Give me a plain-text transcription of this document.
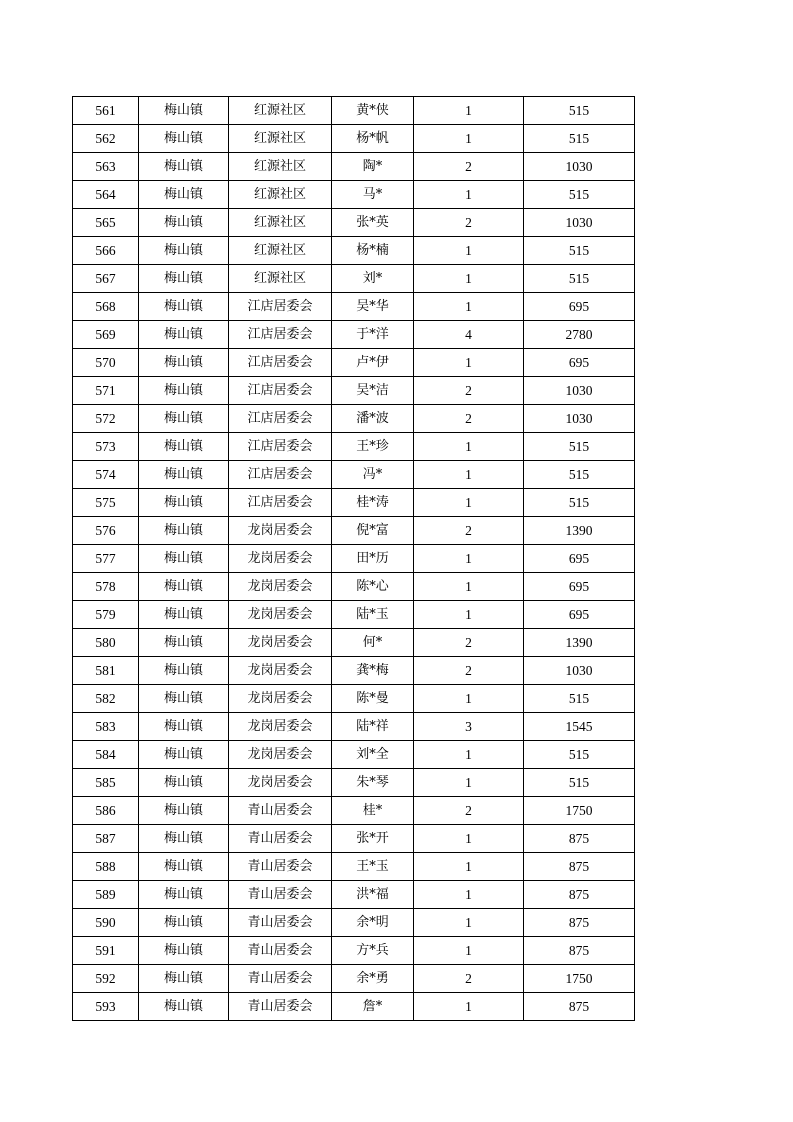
561	梅山镇	红源社区	黄*侠	1	515
562	梅山镇	红源社区	杨*帆	1	515
563	梅山镇	红源社区	陶*	2	1030
564	梅山镇	红源社区	马*	1	515
565	梅山镇	红源社区	张*英	2	1030
566	梅山镇	红源社区	杨*楠	1	515
567	梅山镇	红源社区	刘*	1	515
568	梅山镇	江店居委会	吴*华	1	695
569	梅山镇	江店居委会	于*洋	4	2780
570	梅山镇	江店居委会	卢*伊	1	695
571	梅山镇	江店居委会	吴*洁	2	1030
572	梅山镇	江店居委会	潘*波	2	1030
573	梅山镇	江店居委会	王*珍	1	515
574	梅山镇	江店居委会	冯*	1	515
575	梅山镇	江店居委会	桂*涛	1	515
576	梅山镇	龙岗居委会	倪*富	2	1390
577	梅山镇	龙岗居委会	田*历	1	695
578	梅山镇	龙岗居委会	陈*心	1	695
579	梅山镇	龙岗居委会	陆*玉	1	695
580	梅山镇	龙岗居委会	何*	2	1390
581	梅山镇	龙岗居委会	龚*梅	2	1030
582	梅山镇	龙岗居委会	陈*曼	1	515
583	梅山镇	龙岗居委会	陆*祥	3	1545
584	梅山镇	龙岗居委会	刘*全	1	515
585	梅山镇	龙岗居委会	朱*琴	1	515
586	梅山镇	青山居委会	桂*	2	1750
587	梅山镇	青山居委会	张*开	1	875
588	梅山镇	青山居委会	王*玉	1	875
589	梅山镇	青山居委会	洪*福	1	875
590	梅山镇	青山居委会	余*明	1	875
591	梅山镇	青山居委会	方*兵	1	875
592	梅山镇	青山居委会	余*勇	2	1750
593	梅山镇	青山居委会	詹*	1	875
